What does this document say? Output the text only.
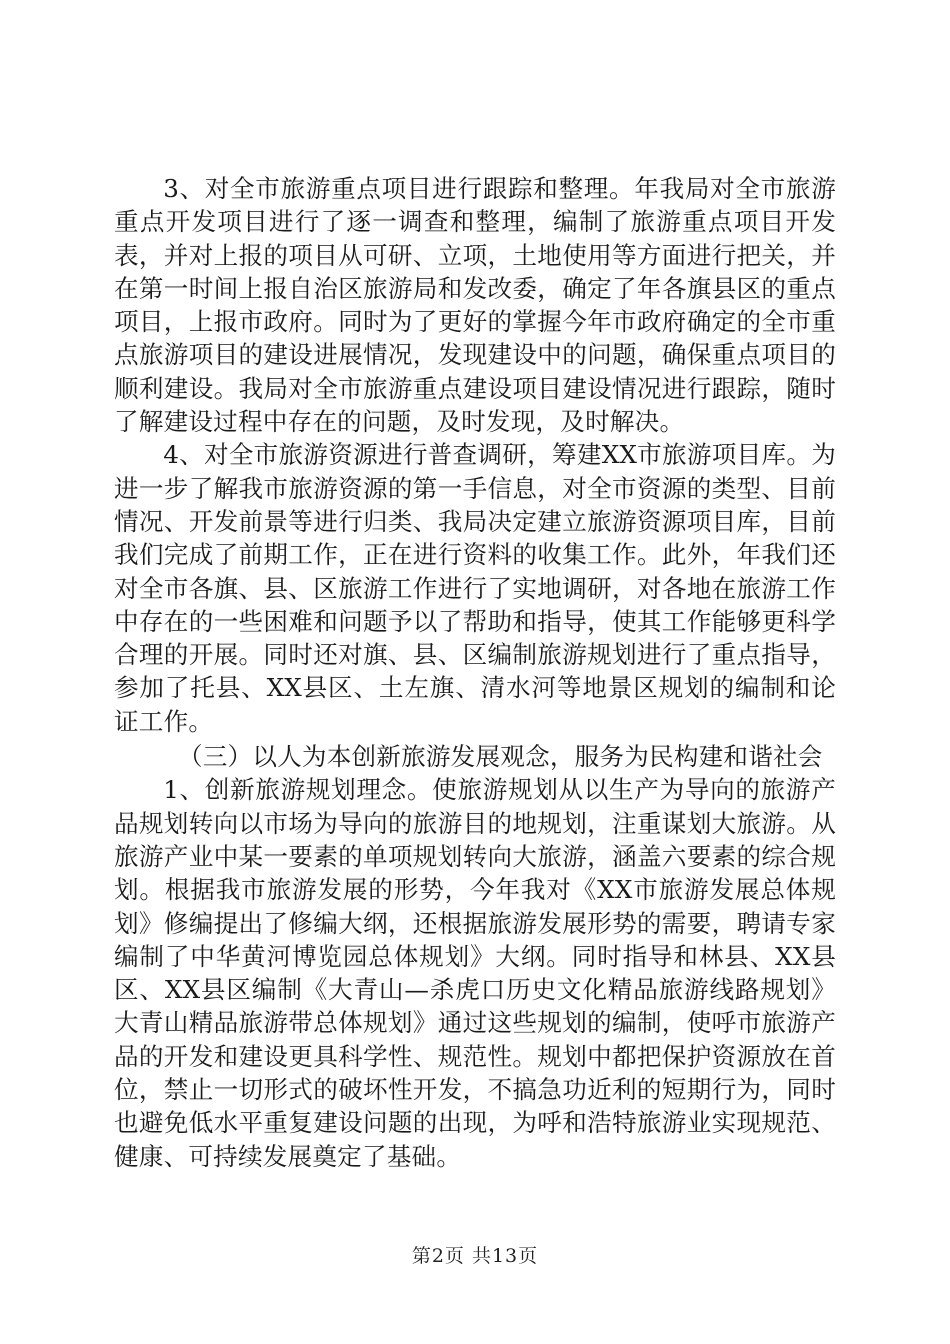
3、对全市旅游重点项目进行跟踪和整理。年我局对全市旅游重点开发项目进行了逐一调查和整理，编制了旅游重点项目开发表，并对上报的项目从可研、立项，土地使用等方面进行把关，并在第一时间上报自治区旅游局和发改委，确定了年各旗县区的重点项目，上报市政府。同时为了更好的掌握今年市政府确定的全市重点旅游项目的建设进展情况，发现建设中的问题，确保重点项目的顺利建设。我局对全市旅游重点建设项目建设情况进行跟踪，随时了解建设过程中存在的问题，及时发现，及时解决。

4、对全市旅游资源进行普查调研，筹建XX市旅游项目库。为进一步了解我市旅游资源的第一手信息，对全市资源的类型、目前情况、开发前景等进行归类、我局决定建立旅游资源项目库，目前我们完成了前期工作，正在进行资料的收集工作。此外，年我们还对全市各旗、县、区旅游工作进行了实地调研，对各地在旅游工作中存在的一些困难和问题予以了帮助和指导，使其工作能够更科学合理的开展。同时还对旗、县、区编制旅游规划进行了重点指导，参加了托县、XX县区、土左旗、清水河等地景区规划的编制和论证工作。

（三）以人为本创新旅游发展观念，服务为民构建和谐社会

1、创新旅游规划理念。使旅游规划从以生产为导向的旅游产品规划转向以市场为导向的旅游目的地规划，注重谋划大旅游。从旅游产业中某一要素的单项规划转向大旅游，涵盖六要素的综合规划。根据我市旅游发展的形势，今年我对《XX市旅游发展总体规划》修编提出了修编大纲，还根据旅游发展形势的需要，聘请专家编制了中华黄河博览园总体规划》大纲。同时指导和林县、XX县区、XX县区编制《大青山—杀虎口历史文化精品旅游线路规划》大青山精品旅游带总体规划》通过这些规划的编制，使呼市旅游产品的开发和建设更具科学性、规范性。规划中都把保护资源放在首位，禁止一切形式的破坏性开发，不搞急功近利的短期行为，同时也避免低水平重复建设问题的出现，为呼和浩特旅游业实现规范、健康、可持续发展奠定了基础。

第2页 共13页
